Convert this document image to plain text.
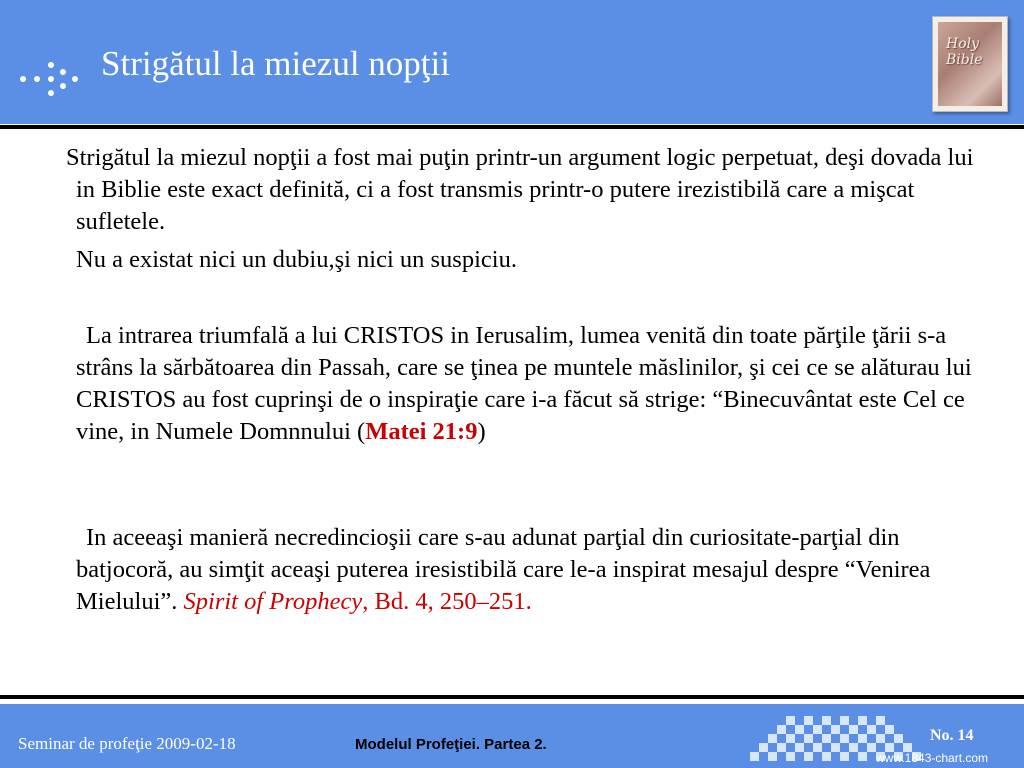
Strigătul la miezul nopţii	Holy Bible

Strigătul la miezul nopţii a fost mai puţin printr-un argument logic perpetuat, deşi dovada lui in Biblie este exact definită, ci a fost transmis printr-o putere irezistibilă care a mişcat sufletele.

Nu a existat nici un dubiu,şi nici un suspiciu.

La intrarea triumfală a lui CRISTOS in Ierusalim, lumea venită din toate părţile ţării s-a strâns la sărbătoarea din Passah, care se ţinea pe muntele măslinilor, şi cei ce se alăturau lui CRISTOS au fost cuprinşi de o inspiraţie care i-a făcut să strige: “Binecuvântat este Cel ce vine, in Numele Domnnului (Matei 21:9)

In aceeaşi manieră necredincioşii care s-au adunat parţial din curiositate-parţial din batjocoră, au simţit aceaşi puterea iresistibilă care le-a inspirat mesajul despre “Venirea Mielului”. Spirit of Prophecy, Bd. 4, 250–251.

Seminar de profeţie 2009-02-18	Modelul Profeţiei. Partea 2.
No. 14
www.1843-chart.com
